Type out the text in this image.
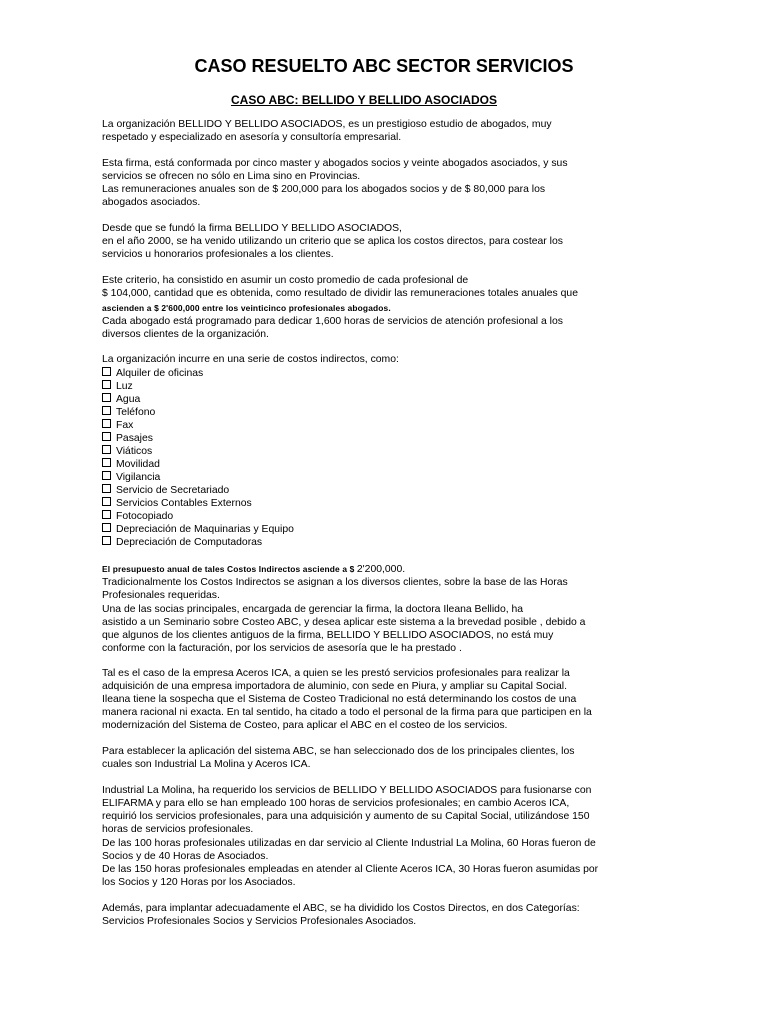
CASO RESUELTO ABC SECTOR SERVICIOS
CASO ABC: BELLIDO Y BELLIDO ASOCIADOS

La organización BELLIDO Y BELLIDO ASOCIADOS, es un prestigioso estudio de abogados, muy

respetado y especializado en asesoría y consultoría empresarial.

Esta firma, está conformada por cinco master y abogados socios y veinte abogados asociados, y sus

servicios se ofrecen no sólo en Lima sino en Provincias.

Las remuneraciones anuales son de $ 200,000 para los abogados socios y de $ 80,000 para los

abogados asociados.

Desde que se fundó la firma BELLIDO Y BELLIDO ASOCIADOS,

en el año 2000, se ha venido utilizando un criterio que se aplica los costos directos, para costear los

servicios u honorarios profesionales a los clientes.

Este criterio, ha consistido en asumir un costo promedio de cada profesional de

$ 104,000, cantidad que es obtenida, como resultado de dividir las remuneraciones totales anuales que

ascienden a $ 2'600,000 entre los veinticinco profesionales abogados.

Cada abogado está programado para dedicar 1,600 horas de servicios de atención profesional a los

diversos clientes de la organización.

La organización incurre en una serie de costos indirectos, como:

Alquiler de oficinas
Luz
Agua
Teléfono
Fax
Pasajes
Viáticos
Movilidad
Vigilancia
Servicio de Secretariado
Servicios Contables Externos
Fotocopiado
Depreciación de Maquinarias y Equipo
Depreciación de Computadoras

El presupuesto anual de tales Costos Indirectos asciende a $ 2'200,000.

Tradicionalmente los Costos Indirectos se asignan a los diversos clientes, sobre la base de las Horas

Profesionales requeridas.

Una de las socias principales, encargada de gerenciar la firma, la doctora Ileana Bellido, ha

asistido a un Seminario sobre Costeo ABC, y desea aplicar este sistema a la brevedad posible , debido a

que algunos de los clientes antiguos de la firma, BELLIDO Y BELLIDO ASOCIADOS, no está muy

conforme con la facturación, por los servicios de asesoría que le ha prestado .

Tal es el caso de la empresa Aceros ICA, a quien se les prestó servicios profesionales para realizar la

adquisición de una empresa importadora de aluminio, con sede en Piura, y ampliar su Capital Social.

Ileana tiene la sospecha que el Sistema de Costeo Tradicional no está determinando los costos de una

manera racional ni exacta. En tal sentido, ha citado a todo el personal de la firma para que participen en la

modernización del Sistema de Costeo, para aplicar el ABC en el costeo de los servicios.

Para establecer la aplicación del sistema ABC, se han seleccionado dos de los principales clientes, los

cuales son Industrial La Molina y Aceros ICA.

Industrial La Molina, ha requerido los servicios de BELLIDO Y BELLIDO ASOCIADOS para fusionarse con

ELIFARMA y para ello se han empleado 100 horas de servicios profesionales; en cambio Aceros ICA,

requirió los servicios profesionales, para una adquisición y aumento de su Capital Social, utilizándose 150

horas de servicios profesionales.

De las 100 horas profesionales utilizadas en dar servicio al Cliente Industrial La Molina, 60 Horas fueron de

Socios y de 40 Horas de Asociados.

De las 150 horas profesionales empleadas en atender al Cliente Aceros ICA, 30 Horas fueron asumidas por

los Socios y 120 Horas por los Asociados.

Además, para implantar adecuadamente el ABC, se ha dividido los Costos Directos, en dos Categorías:

Servicios Profesionales Socios y Servicios Profesionales Asociados.
